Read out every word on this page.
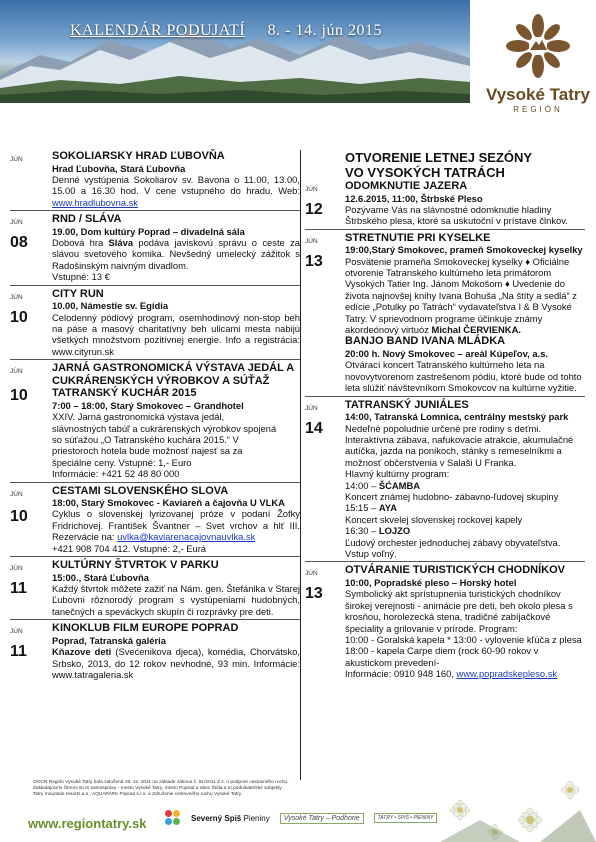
KALENDÁR PODUJATÍ 8. - 14. jún 2015
Vysoké Tatry
REGIÓN
JÚN	SOKOLIARSKY HRAD ĽUBOVŇA
Hrad Ľubovňa, Stará Ľubovňa

Denné vystúpenia Sokoliarov sv. Bavona o 11.00, 13.00, 15.00 a 16.30 hod. V cene vstupného do hradu. Web: www.hradlubovna.sk

JÚN
08
RND / SLÁVA
19.00, Dom kultúry Poprad – divadelná sála

Dobová hra Sláva podáva javiskovú správu o ceste za slávou svetového komika. Nevšedný umelecký zážitok s Radošinským naivným divadlom.

Vstupné: 13 €

JÚN
10
CITY RUN
10.00, Námestie sv. Egídia

Celodenný pódiový program, osemhodinový non-stop beh na páse a masový charitatívny beh ulicami mesta nabijú všetkých množstvom pozitívnej energie. Info a registrácia: www.cityrun.sk

JÚN
10
JARNÁ GASTRONOMICKÁ VÝSTAVA JEDÁL A CUKRÁRENSKÝCH VÝROBKOV A SÚŤAŽ TATRANSKÝ KUCHÁR 2015
7:00 – 18:00, Starý Smokovec – Grandhotel

XXIV. Jarná gastronomická výstava jedál, slávnostných tabúľ a cukrárenských výrobkov spojená so súťažou „O Tatranského kuchára 2015.“ V priestoroch hotela bude možnosť najesť sa za špeciálne ceny. Vstupné: 1,- Euro

Informácie: +421 52 48 80 000

JÚN
10
CESTAMI SLOVENSKÉHO SLOVA
18:00, Starý Smokovec - Kaviareň a čajovňa U VLKA

Cyklus o slovenskej lyrizovanej próze v podaní Žofky Fridrichovej. František Švantner – Svet vrchov a hlť III. Rezervácie na: uvlka@kaviarenacajovnauvlka.sk

+421 908 704 412. Vstupné: 2,- Eurá

JÚN
11
KULTÚRNY ŠTVRTOK V PARKU
15:00., Stará Ľubovňa

Každý štvrtok môžete zažiť na Nám. gen. Štefánika v Starej Ľubovni rôznorodý program s vystúpeniami hudobných, tanečných a speváckych skupín či rozprávky pre deti.

JÚN
11
KINOKLUB FILM EUROPE POPRAD
Poprad, Tatranská galéria

Kňazove deti (Svećenikova djeca), komédia, Chorvátsko, Srbsko, 2013, do 12 rokov nevhodné, 93 min. Informácie: www.tatragaleria.sk

OTVORENIE LETNEJ SEZÓNY
VO VYSOKÝCH TATRÁCH
JÚN
12
ODOMKNUTIE JAZERA
12.6.2015, 11:00, Štrbské Pleso

Pozývame Vás na slávnostné odomknutie hladiny Štrbského plesa, ktoré sa uskutoční v prístave člnkov.

JÚN
13
STRETNUTIE PRI KYSELKE
19:00,Starý Smokovec, prameň Smokoveckej kyselky

Posvätenie prameňa Smokoveckej kyselky ♦ Oficiálne otvorenie Tatranského kultúrneho leta primátorom Vysokých Tatier Ing. Jánom Mokošom ♦ Uvedenie do života najnovšej knihy Ivana Bohuša „Na štíty a sedlá“ z edície „Potulky po Tatrách“ vydavateľstva I & B Vysoké Tatry. V sprievodnom programe účinkuje známy akordeónový virtuóz Michal ČERVIENKA.

BANJO BAND IVANA MLÁDKA
20:00 h. Nový Smokovec – areál Kúpeľov, a.s.

Otvárací koncert Tatranského kultúrneho leta na novovytvorenom zastrešenom pódiu, ktoré bude od tohto leta slúžiť návštevníkom Smokovcov na kultúrne vyžitie.

JÚN
14
TATRANSKÝ JUNIÁLES
14:00, Tatranská Lomnica, centrálny mestský park

Nedeľné popoludnie určené pre rodiny s deťmi. Interaktívna zábava, nafukovacie atrakcie, akumulačné autíčka, jazda na ponikoch, stánky s remeselníkmi a možnosť občerstvenia v Salaši U Franka.

Hlavný kultúrny program:

14:00 – ŠĆAMBA

Koncert známej hudobno- zábavno-ľudovej skupiny

15:15 – AYA

Koncert skvelej slovenskej rockovej kapely

16:30 – LOJZO

Ľudový orchester jednoduchej zábavy obyvateľstva.

Vstup voľný.

JÚN
13
OTVÁRANIE TURISTICKÝCH CHODNÍKOV
10:00, Popradské pleso – Horský hotel

Symbolický akt sprístupnenia turistických chodníkov širokej verejnosti - animácie pre deti, beh okolo plesa s krosňou, horolezecká stena, tradičné zabíjačkové špeciality a grilovanie v prírode. Program:

10:00 - Goralská kapela * 13:00 - vylovenie kľúča z plesa 18:00 - kapela Carpe diem (rock 60-90 rokov v akustickom prevedení-

Informácie: 0910 948 160, www.popradskepleso.sk

OOCR Región Vysoké Tatry bola založená 19. 12. 2011 na základe zákona č. 91/2011 Z.z. o podpore cestovného ruchu.
Zakladajúcimi členmi sú tri samosprávy - mesto Vysoké Tatry, mesto Poprad a obec Štôla a tri podnikateľské subjekty
Tatry mountain resorts a.s., AQUAPARK Poprad s.r.o. a Združenie cestovného ruchu Vysoké Tatry.
www.regiontatry.sk	Severný Spiš Pieniny	Vysoké Tatry – Podhorie	TATRY • SPIŠ • PIENINY
